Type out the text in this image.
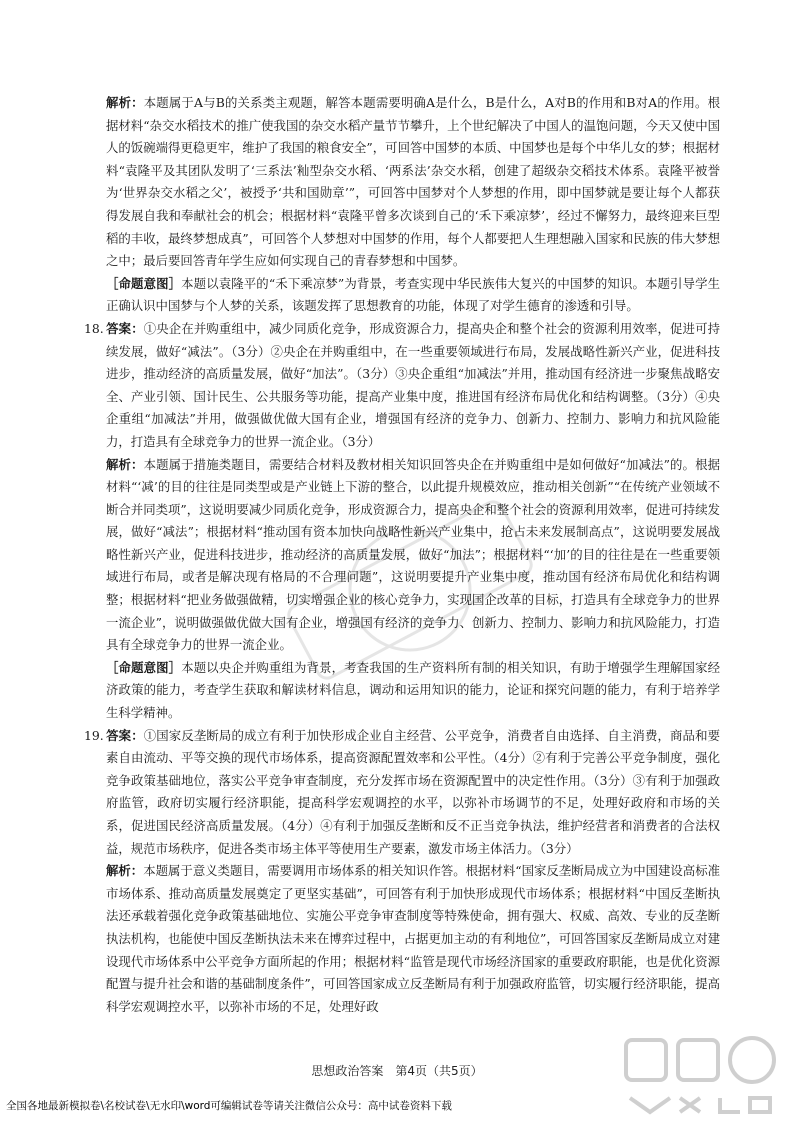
解析：本题属于A与B的关系类主观题，解答本题需要明确A是什么，B是什么，A对B的作用和B对A的作用。根据材料“杂交水稻技术的推广使我国的杂交水稻产量节节攀升，上个世纪解决了中国人的温饱问题，今天又使中国人的饭碗端得更稳更牢，维护了我国的粮食安全”，可回答中国梦的本质、中国梦也是每个中华儿女的梦；根据材料“袁隆平及其团队发明了‘三系法’籼型杂交水稻、‘两系法’杂交水稻，创建了超级杂交稻技术体系。袁隆平被誉为‘世界杂交水稻之父’，被授予‘共和国勋章’”，可回答中国梦对个人梦想的作用，即中国梦就是要让每个人都获得发展自我和奉献社会的机会；根据材料“袁隆平曾多次谈到自己的‘禾下乘凉梦’，经过不懈努力，最终迎来巨型稻的丰收，最终梦想成真”，可回答个人梦想对中国梦的作用，每个人都要把人生理想融入国家和民族的伟大梦想之中；最后要回答青年学生应如何实现自己的青春梦想和中国梦。

［命题意图］本题以袁隆平的“禾下乘凉梦”为背景，考查实现中华民族伟大复兴的中国梦的知识。本题引导学生正确认识中国梦与个人梦的关系，该题发挥了思想教育的功能，体现了对学生德育的渗透和引导。

18. 答案：①央企在并购重组中，减少同质化竞争，形成资源合力，提高央企和整个社会的资源利用效率，促进可持续发展，做好“减法”。（3分）②央企在并购重组中，在一些重要领域进行布局，发展战略性新兴产业，促进科技进步，推动经济的高质量发展，做好“加法”。（3分）③央企重组“加减法”并用，推动国有经济进一步聚焦战略安全、产业引领、国计民生、公共服务等功能，提高产业集中度，推进国有经济布局优化和结构调整。（3分）④央企重组“加减法”并用，做强做优做大国有企业，增强国有经济的竞争力、创新力、控制力、影响力和抗风险能力，打造具有全球竞争力的世界一流企业。（3分）

解析：本题属于措施类题目，需要结合材料及教材相关知识回答央企在并购重组中是如何做好“加减法”的。根据材料“‘减’的目的往往是同类型或是产业链上下游的整合，以此提升规模效应，推动相关创新”“在传统产业领域不断合并同类项”，这说明要减少同质化竞争，形成资源合力，提高央企和整个社会的资源利用效率，促进可持续发展，做好“减法”；根据材料“推动国有资本加快向战略性新兴产业集中，抢占未来发展制高点”，这说明要发展战略性新兴产业，促进科技进步，推动经济的高质量发展，做好“加法”；根据材料“‘加’的目的往往是在一些重要领域进行布局，或者是解决现有格局的不合理问题”，这说明要提升产业集中度，推动国有经济布局优化和结构调整；根据材料“把业务做强做精，切实增强企业的核心竞争力，实现国企改革的目标，打造具有全球竞争力的世界一流企业”，说明做强做优做大国有企业，增强国有经济的竞争力、创新力、控制力、影响力和抗风险能力，打造具有全球竞争力的世界一流企业。

［命题意图］本题以央企并购重组为背景，考查我国的生产资料所有制的相关知识，有助于增强学生理解国家经济政策的能力，考查学生获取和解读材料信息，调动和运用知识的能力，论证和探究问题的能力，有利于培养学生科学精神。

19. 答案：①国家反垄断局的成立有利于加快形成企业自主经营、公平竞争，消费者自由选择、自主消费，商品和要素自由流动、平等交换的现代市场体系，提高资源配置效率和公平性。（4分）②有利于完善公平竞争制度，强化竞争政策基础地位，落实公平竞争审查制度，充分发挥市场在资源配置中的决定性作用。（3分）③有利于加强政府监管，政府切实履行经济职能，提高科学宏观调控的水平，以弥补市场调节的不足，处理好政府和市场的关系，促进国民经济高质量发展。（4分）④有利于加强反垄断和反不正当竞争执法，维护经营者和消费者的合法权益，规范市场秩序，促进各类市场主体平等使用生产要素，激发市场主体活力。（3分）

解析：本题属于意义类题目，需要调用市场体系的相关知识作答。根据材料“国家反垄断局成立为中国建设高标准市场体系、推动高质量发展奠定了更坚实基础”，可回答有利于加快形成现代市场体系；根据材料“中国反垄断执法还承载着强化竞争政策基础地位、实施公平竞争审查制度等特殊使命，拥有强大、权威、高效、专业的反垄断执法机构，也能使中国反垄断执法未来在博弈过程中，占据更加主动的有利地位”，可回答国家反垄断局成立对建设现代市场体系中公平竞争方面所起的作用；根据材料“监管是现代市场经济国家的重要政府职能，也是优化资源配置与提升社会和谐的基础制度条件”，可回答国家成立反垄断局有利于加强政府监管，切实履行经济职能，提高科学宏观调控水平，以弥补市场的不足，处理好政

思想政治答案　第4页（共5页）
全国各地最新模拟卷\名校试卷\无水印\word可编辑试卷等请关注微信公众号：高中试卷资料下载
